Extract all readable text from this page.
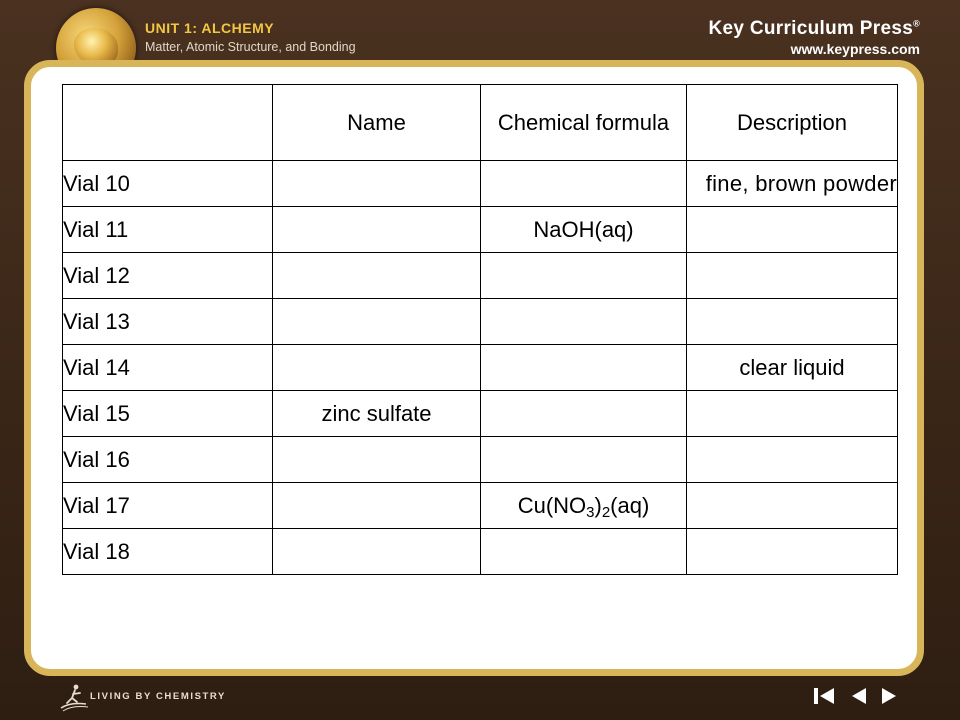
UNIT 1: ALCHEMY
Matter, Atomic Structure, and Bonding
Key Curriculum Press®
www.keypress.com
	Name	Chemical formula	Description
Vial 10			fine, brown powder
Vial 11		NaOH(aq)	
Vial 12			
Vial 13			
Vial 14			clear liquid
Vial 15	zinc sulfate		
Vial 16			
Vial 17		$Cu(NO_3)_2(aq)$	
Vial 18			
LIVING BY CHEMISTRY
